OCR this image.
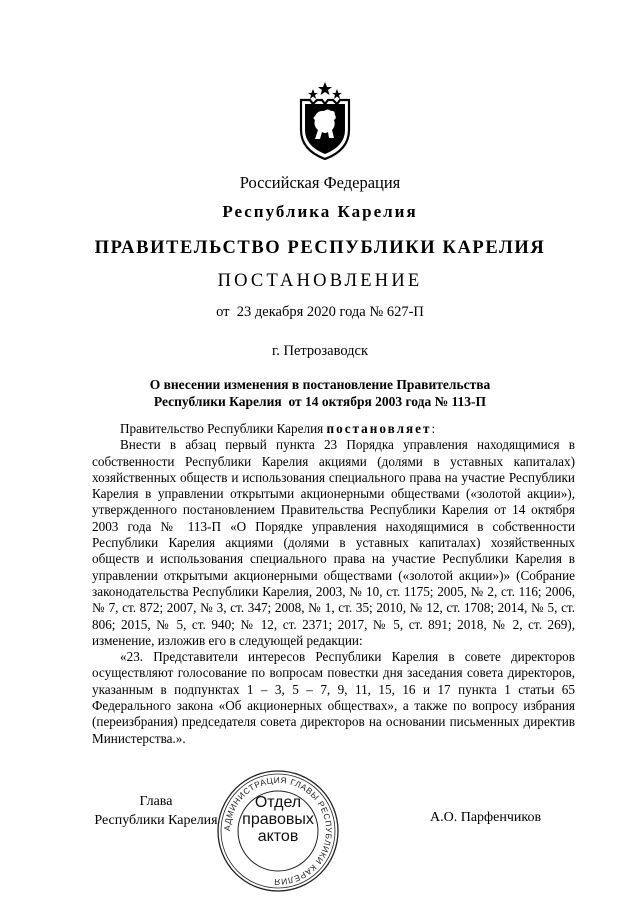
Российская Федерация
Республика Карелия
ПРАВИТЕЛЬСТВО РЕСПУБЛИКИ КАРЕЛИЯ
ПОСТАНОВЛЕНИЕ
от  23 декабря 2020 года № 627-П
г. Петрозаводск
О внесении изменения в постановление Правительства
Республики Карелия  от 14 октября 2003 года № 113-П

Правительство Республики Карелия постановляет:

Внести в абзац первый пункта 23 Порядка управления находящимися в собственности Республики Карелия акциями (долями в уставных капиталах) хозяйственных обществ и использования специального права на участие Республики Карелия в управлении открытыми акционерными обществами («золотой акции»), утвержденного постановлением Правительства Республики Карелия от 14 октября 2003 года № 113-П «О Порядке управления находящимися в собственности Республики Карелия акциями (долями в уставных капиталах) хозяйственных обществ и использования специального права на участие Республики Карелия в управлении открытыми акционерными обществами («золотой акции»)» (Собрание законодательства Республики Карелия, 2003, № 10, ст. 1175; 2005, № 2, ст. 116; 2006, № 7, ст. 872; 2007, № 3, ст. 347; 2008, № 1, ст. 35; 2010, № 12, ст. 1708; 2014, № 5, ст. 806; 2015, № 5, ст. 940; № 12, ст. 2371; 2017, № 5, ст. 891; 2018, № 2, ст. 269), изменение, изложив его в следующей редакции:

«23. Представители интересов Республики Карелия в совете директоров осуществляют голосование по вопросам повестки дня заседания совета директоров, указанным в подпунктах 1 – 3, 5 – 7, 9, 11, 15, 16 и 17 пункта 1 статьи 65 Федерального закона «Об акционерных обществах», а также по вопросу избрания (переизбрания) председателя совета директоров на основании письменных директив Министерства.».

Глава
Республики Карелия АДМИНИСТРАЦИЯ ГЛАВЫ РЕСПУБЛИКИ КАРЕЛИЯ
Отдел
правовых
актов
А.О. Парфенчиков
